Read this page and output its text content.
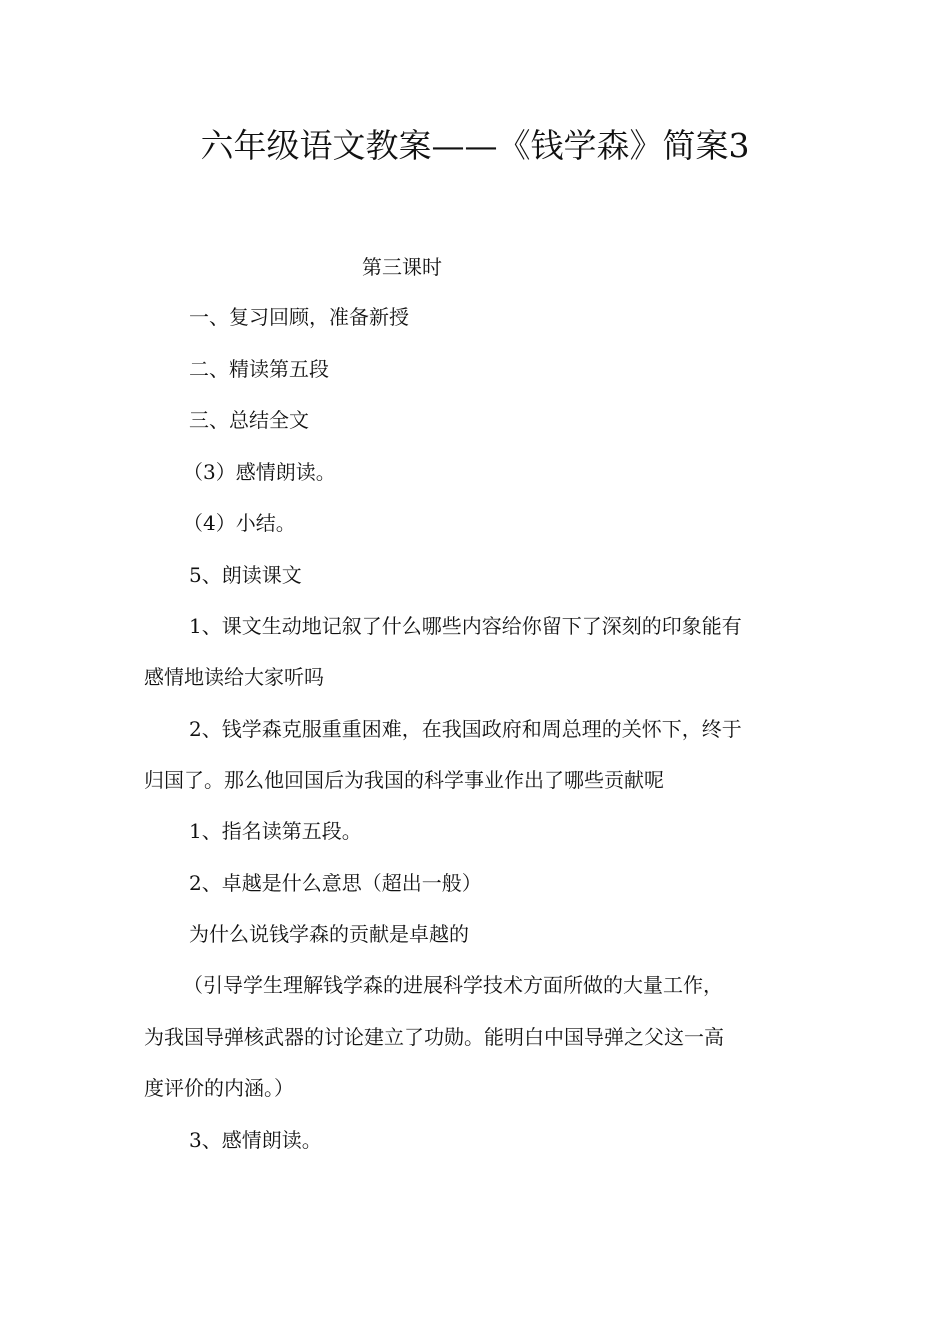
六年级语文教案——《钱学森》简案3
第三课时
一、复习回顾，准备新授
二、精读第五段
三、总结全文
（3）感情朗读。
（4）小结。
5、朗读课文
1、课文生动地记叙了什么哪些内容给你留下了深刻的印象能有
感情地读给大家听吗
2、钱学森克服重重困难，在我国政府和周总理的关怀下，终于
归国了。那么他回国后为我国的科学事业作出了哪些贡献呢
1、指名读第五段。
2、卓越是什么意思（超出一般）
为什么说钱学森的贡献是卓越的
（引导学生理解钱学森的进展科学技术方面所做的大量工作，
为我国导弹核武器的讨论建立了功勋。能明白中国导弹之父这一高
度评价的内涵。）
3、感情朗读。
